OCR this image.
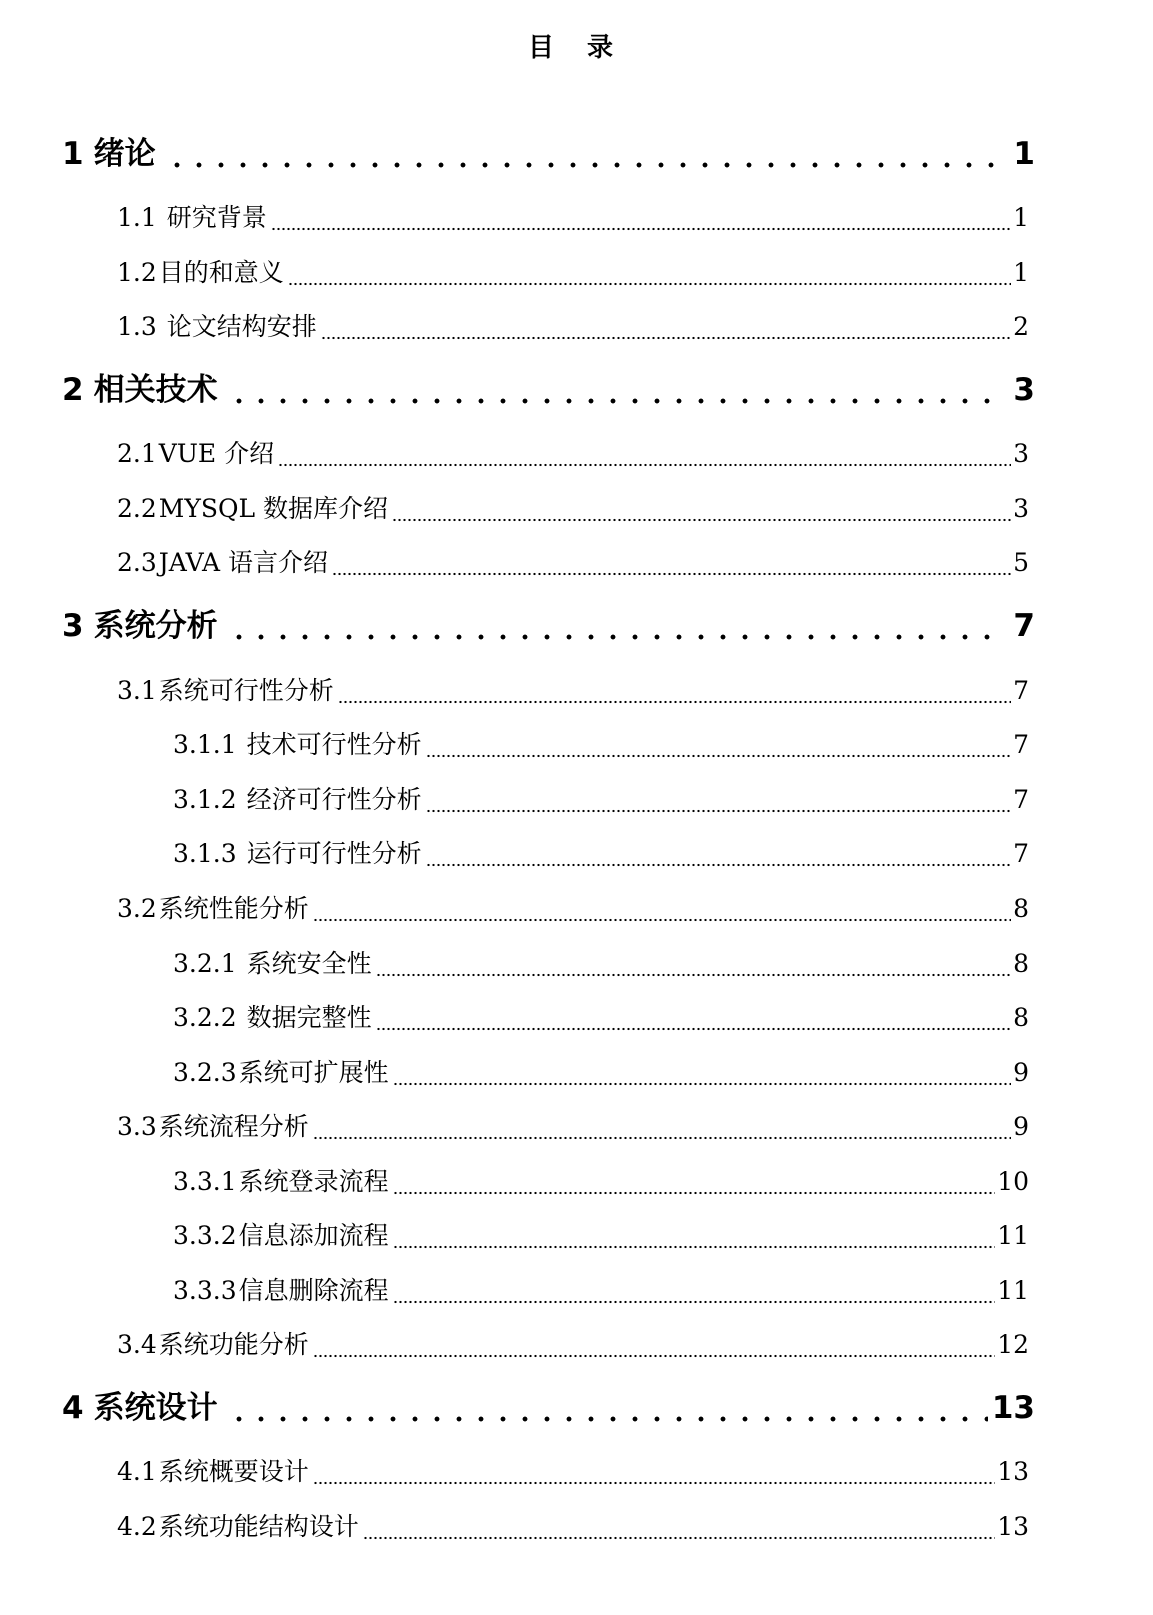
目 录
1 绪论	1
1.1 研究背景	1
1.2目的和意义	1
1.3 论文结构安排	2
2 相关技术	3
2.1VUE 介绍	3
2.2MYSQL 数据库介绍	3
2.3JAVA 语言介绍	5
3 系统分析	7
3.1系统可行性分析	7
3.1.1 技术可行性分析	7
3.1.2 经济可行性分析	7
3.1.3 运行可行性分析	7
3.2系统性能分析	8
3.2.1 系统安全性	8
3.2.2 数据完整性	8
3.2.3系统可扩展性	9
3.3系统流程分析	9
3.3.1系统登录流程	10
3.3.2信息添加流程	11
3.3.3信息删除流程	11
3.4系统功能分析	12
4 系统设计	13
4.1系统概要设计	13
4.2系统功能结构设计	13
